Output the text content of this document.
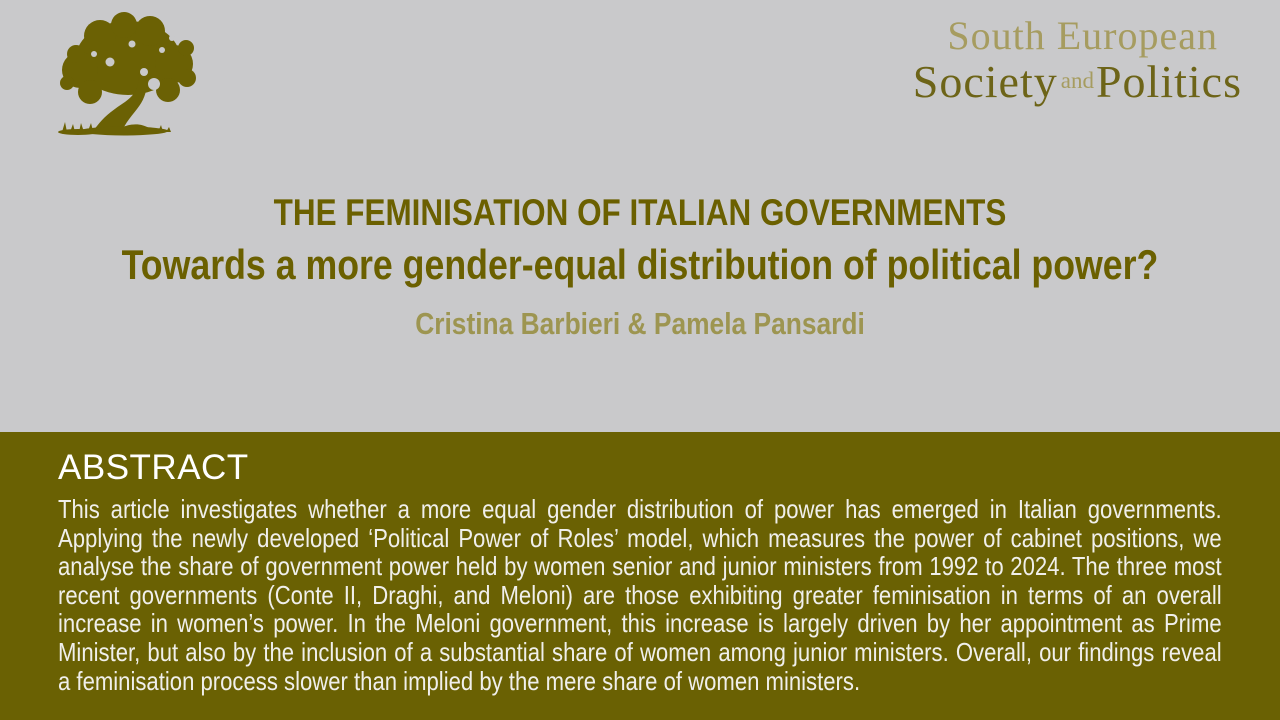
South European
Society andPolitics
THE FEMINISATION OF ITALIAN GOVERNMENTS
Towards a more gender-equal distribution of political power?
Cristina Barbieri & Pamela Pansardi
ABSTRACT

This article investigates whether a more equal gender distribution of power has emerged in Italian governments. Applying the newly developed ‘Political Power of Roles’ model, which measures the power of cabinet positions, we analyse the share of government power held by women senior and junior ministers from 1992 to 2024. The three most recent governments (Conte II, Draghi, and Meloni) are those exhibiting greater feminisation in terms of an overall increase in women’s power. In the Meloni government, this increase is largely driven by her appointment as Prime Minister, but also by the inclusion of a substantial share of women among junior ministers. Overall, our findings reveal a feminisation process slower than implied by the mere share of women ministers.
